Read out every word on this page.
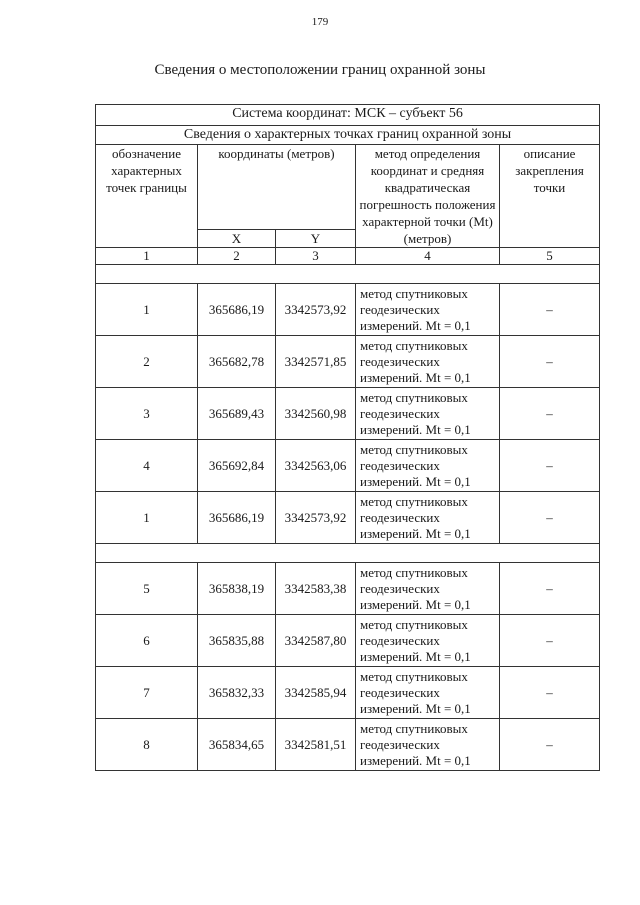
179
Сведения о местоположении границ охранной зоны
Система координат: МСК – субъект 56				
Сведения о характерных точках границ охранной зоны				
обозначение характерных точек границы	координаты (метров)		метод определения координат и средняя квадратическая погрешность положения характерной точки (Mt) (метров)	описание закрепления точки
	X	Y		
1	2	3	4	5

1	365686,19	3342573,92	метод спутниковых геодезических измерений. Mt = 0,1	–
2	365682,78	3342571,85	метод спутниковых геодезических измерений. Mt = 0,1	–
3	365689,43	3342560,98	метод спутниковых геодезических измерений. Mt = 0,1	–
4	365692,84	3342563,06	метод спутниковых геодезических измерений. Mt = 0,1	–
1	365686,19	3342573,92	метод спутниковых геодезических измерений. Mt = 0,1	–

5	365838,19	3342583,38	метод спутниковых геодезических измерений. Mt = 0,1	–
6	365835,88	3342587,80	метод спутниковых геодезических измерений. Mt = 0,1	–
7	365832,33	3342585,94	метод спутниковых геодезических измерений. Mt = 0,1	–
8	365834,65	3342581,51	метод спутниковых геодезических измерений. Mt = 0,1	–
